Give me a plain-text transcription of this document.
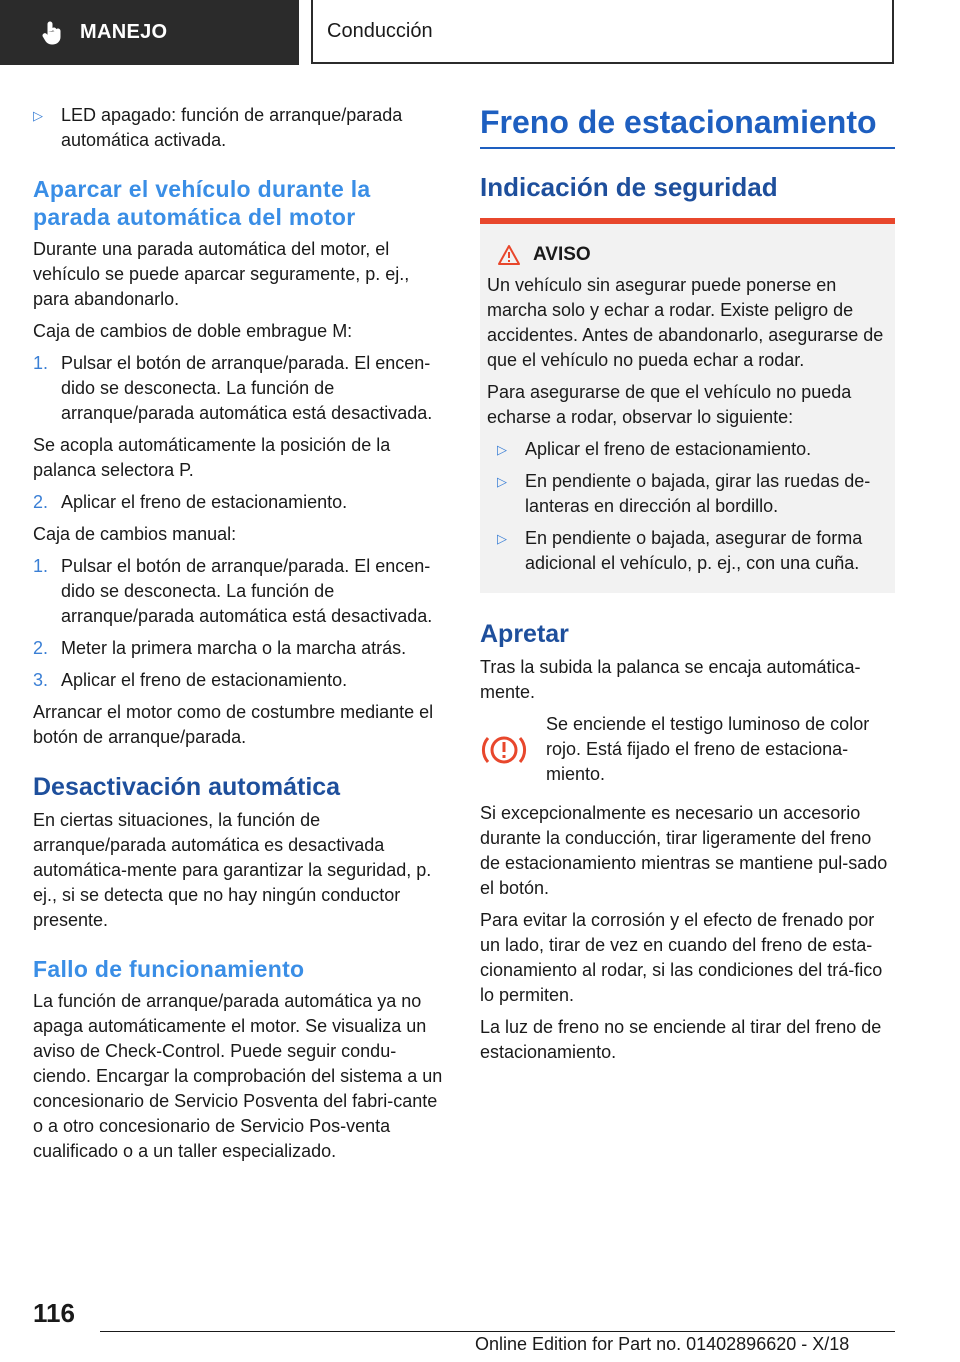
MANEJO	Conducción
▷	LED apagado: función de arranque/parada automática activada.
Aparcar el vehículo durante la parada automática del motor

Durante una parada automática del motor, el vehículo se puede aparcar seguramente, p. ej., para abandonarlo.

Caja de cambios de doble embrague M:

1. Pulsar el botón de arranque/parada. El encen-dido se desconecta. La función de arranque/parada automática está desactivada.

Se acopla automáticamente la posición de la palanca selectora P.

2. Aplicar el freno de estacionamiento.

Caja de cambios manual:

1. Pulsar el botón de arranque/parada. El encen-dido se desconecta. La función de arranque/parada automática está desactivada.
2. Meter la primera marcha o la marcha atrás.
3. Aplicar el freno de estacionamiento.

Arrancar el motor como de costumbre mediante el botón de arranque/parada.

Desactivación automática

En ciertas situaciones, la función de arranque/parada automática es desactivada automática-mente para garantizar la seguridad, p. ej., si se detecta que no hay ningún conductor presente.

Fallo de funcionamiento

La función de arranque/parada automática ya no apaga automáticamente el motor. Se visualiza un aviso de Check-Control. Puede seguir condu-ciendo. Encargar la comprobación del sistema a un concesionario de Servicio Posventa del fabri-cante o a otro concesionario de Servicio Pos-venta cualificado o a un taller especializado.

Freno de estacionamiento
Indicación de seguridad
AVISO

Un vehículo sin asegurar puede ponerse en marcha solo y echar a rodar. Existe peligro de accidentes. Antes de abandonarlo, asegurarse de que el vehículo no pueda echar a rodar.

Para asegurarse de que el vehículo no pueda echarse a rodar, observar lo siguiente:

▷	Aplicar el freno de estacionamiento.
▷	En pendiente o bajada, girar las ruedas de-lanteras en dirección al bordillo.
▷	En pendiente o bajada, asegurar de forma adicional el vehículo, p. ej., con una cuña.
Apretar

Tras la subida la palanca se encaja automática-mente.

Se enciende el testigo luminoso de color rojo. Está fijado el freno de estaciona-miento.

Si excepcionalmente es necesario un accesorio durante la conducción, tirar ligeramente del freno de estacionamiento mientras se mantiene pul-sado el botón.

Para evitar la corrosión y el efecto de frenado por un lado, tirar de vez en cuando del freno de esta-cionamiento al rodar, si las condiciones del trá-fico lo permiten.

La luz de freno no se enciende al tirar del freno de estacionamiento.

116
Online Edition for Part no. 01402896620 - X/18
